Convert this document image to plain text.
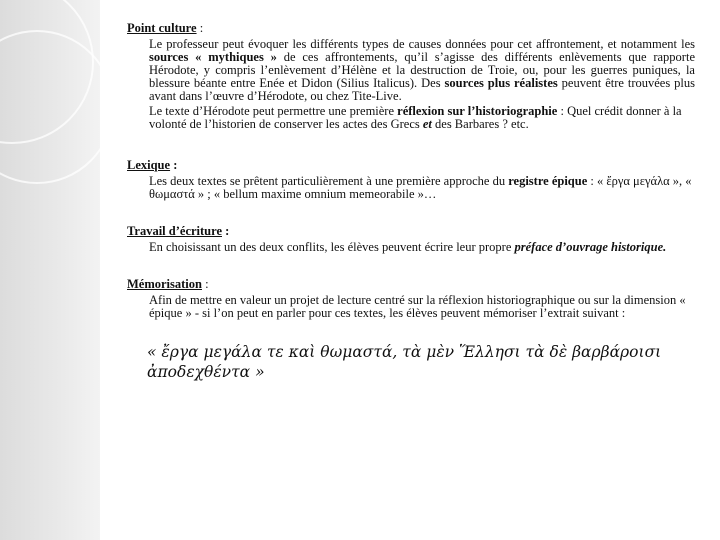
Point culture :

Le professeur peut évoquer les différents types de causes données pour cet affrontement, et notamment les sources « mythiques » de ces affrontements, qu’il s’agisse des différents enlèvements que rapporte Hérodote, y compris l’enlèvement d’Hélène et la destruction de Troie, ou, pour les guerres puniques, la blessure béante entre Enée et Didon (Silius Italicus). Des sources plus réalistes peuvent être trouvées plus avant dans l’œuvre d’Hérodote, ou chez Tite-Live.

Le texte d’Hérodote peut permettre une première réflexion sur l’historiographie : Quel crédit donner à la volonté de l’historien de conserver les actes des Grecs et des Barbares ? etc.

Lexique :

Les deux textes se prêtent particulièrement à une première approche du registre épique : « ἔργα μεγάλα », « θωμαστά » ; « bellum maxime omnium memeorabile »…

Travail d’écriture :

En choisissant un des deux conflits, les élèves peuvent écrire leur propre préface d’ouvrage historique.

Mémorisation :

Afin de mettre en valeur un projet de lecture centré sur la réflexion historiographique ou sur la dimension « épique » - si l’on peut en parler pour ces textes, les élèves peuvent mémoriser l’extrait suivant :

« ἔργα μεγάλα τε καὶ θωμαστά, τὰ μὲν Ἕλλησι τὰ δὲ βαρβάροισι ἀποδεχθέντα »
